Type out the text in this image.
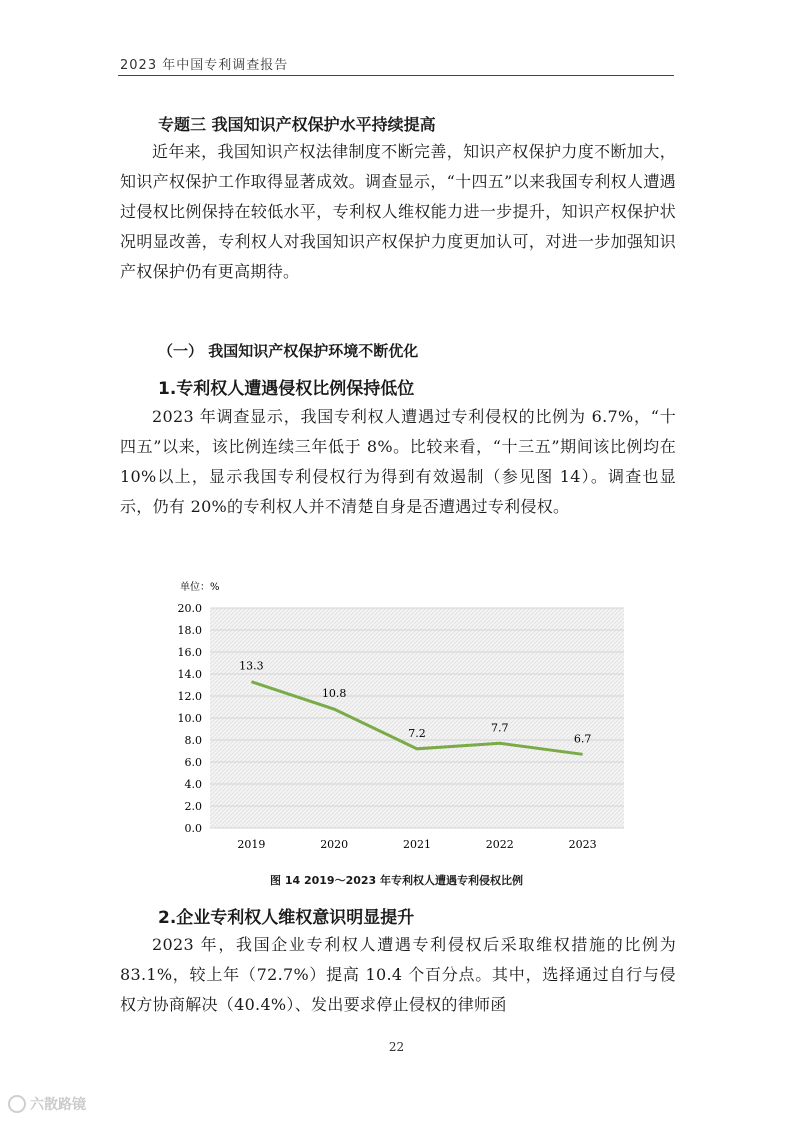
2023 年中国专利调查报告
专题三 我国知识产权保护水平持续提高

近年来，我国知识产权法律制度不断完善，知识产权保护力度不断加大，知识产权保护工作取得显著成效。调查显示，“十四五”以来我国专利权人遭遇过侵权比例保持在较低水平，专利权人维权能力进一步提升，知识产权保护状况明显改善，专利权人对我国知识产权保护力度更加认可，对进一步加强知识产权保护仍有更高期待。

（一） 我国知识产权保护环境不断优化
1.专利权人遭遇侵权比例保持低位

2023 年调查显示，我国专利权人遭遇过专利侵权的比例为 6.7%，“十四五”以来，该比例连续三年低于 8%。比较来看，“十三五”期间该比例均在 10%以上，显示我国专利侵权行为得到有效遏制（参见图 14）。调查也显示，仍有 20%的专利权人并不清楚自身是否遭遇过专利侵权。

单位：%
0.0
2.0
4.0
6.0
8.0
10.0
12.0
14.0
16.0
18.0
20.0
2019	2020	2021	2022	2023
13.3
10.8
7.2	7.7
6.7
图 14 2019～2023 年专利权人遭遇专利侵权比例
2.企业专利权人维权意识明显提升

2023 年，我国企业专利权人遭遇专利侵权后采取维权措施的比例为 83.1%，较上年（72.7%）提高 10.4 个百分点。其中，选择通过自行与侵权方协商解决（40.4%）、发出要求停止侵权的律师函

22
六散路镜
